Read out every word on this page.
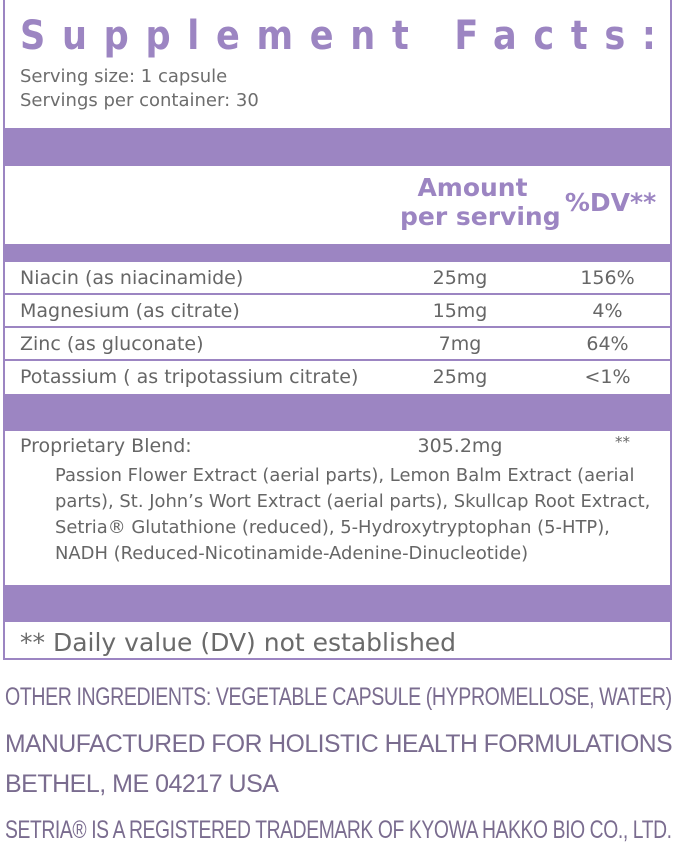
Supplement Facts:
Serving size: 1 capsule
Servings per container: 30
Amount
per serving %DV**
Niacin (as niacinamide)	25mg	156%
Magnesium (as citrate)	15mg	4%
Zinc (as gluconate)	7mg	64%
Potassium ( as tripotassium citrate)	25mg	<1%
Proprietary Blend:	305.2mg	**
Passion Flower Extract (aerial parts), Lemon Balm Extract (aerial
parts), St. John’s Wort Extract (aerial parts), Skullcap Root Extract,
Setria® Glutathione (reduced), 5-Hydroxytryptophan (5-HTP),
NADH (Reduced-Nicotinamide-Adenine-Dinucleotide)
** Daily value (DV) not established
OTHER INGREDIENTS: VEGETABLE CAPSULE (HYPROMELLOSE, WATER)
MANUFACTURED FOR HOLISTIC HEALTH FORMULATIONS
BETHEL, ME 04217 USA
SETRIA® IS A REGISTERED TRADEMARK OF KYOWA HAKKO BIO CO., LTD.
